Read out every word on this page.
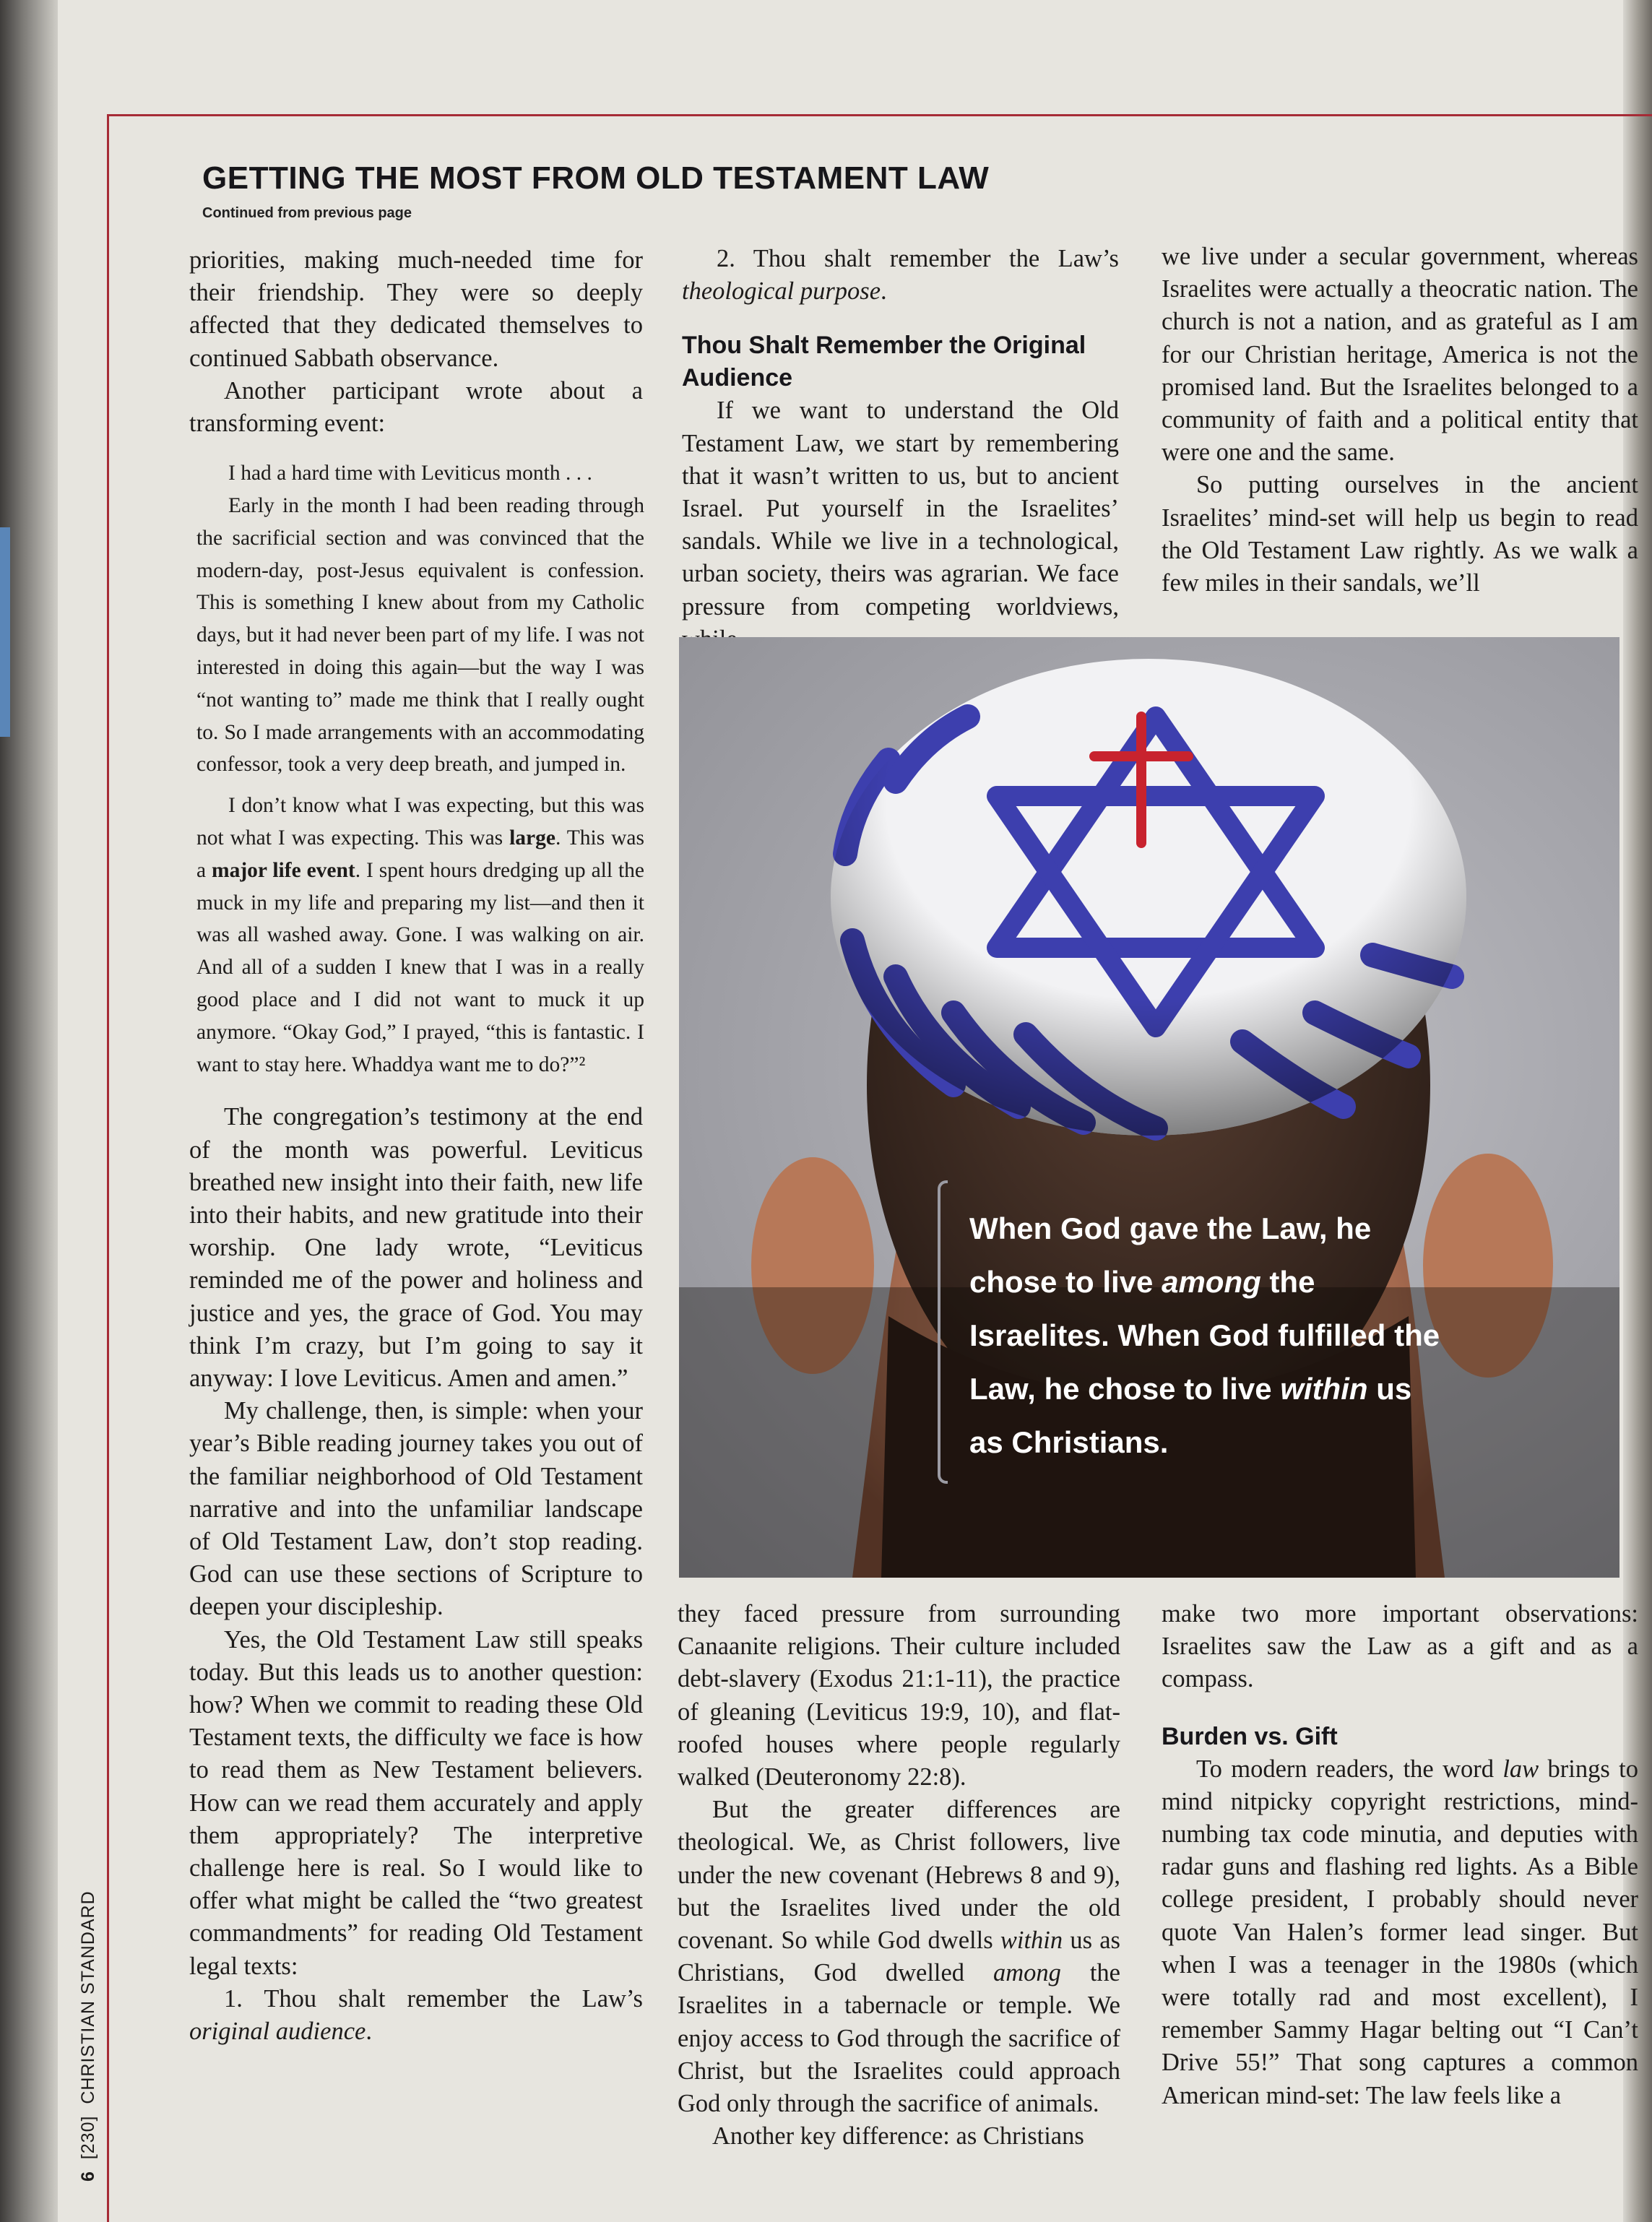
6  [230]  CHRISTIAN STANDARD
GETTING THE MOST FROM OLD TESTAMENT LAW
Continued from previous page

priorities, making much-needed time for their friendship. They were so deeply affected that they dedicated themselves to continued Sabbath observance.

Another participant wrote about a transforming event:

I had a hard time with Leviticus month . . .

Early in the month I had been reading through the sacrificial section and was convinced that the modern-day, post-Jesus equivalent is confession. This is something I knew about from my Catholic days, but it had never been part of my life. I was not interested in doing this again—but the way I was “not wanting to” made me think that I really ought to. So I made arrangements with an accommodating confessor, took a very deep breath, and jumped in.

I don’t know what I was expecting, but this was not what I was expecting. This was large. This was a major life event. I spent hours dredging up all the muck in my life and preparing my list—and then it was all washed away. Gone. I was walking on air. And all of a sudden I knew that I was in a really good place and I did not want to muck it up anymore. “Okay God,” I prayed, “this is fantastic. I want to stay here. Whaddya want me to do?”²

The congregation’s testimony at the end of the month was powerful. Leviticus breathed new insight into their faith, new life into their habits, and new gratitude into their worship. One lady wrote, “Leviticus reminded me of the power and holiness and justice and yes, the grace of God. You may think I’m crazy, but I’m going to say it anyway: I love Leviticus. Amen and amen.”

My challenge, then, is simple: when your year’s Bible reading journey takes you out of the familiar neighborhood of Old Testament narrative and into the unfamiliar landscape of Old Testament Law, don’t stop reading. God can use these sections of Scripture to deepen your discipleship.

Yes, the Old Testament Law still speaks today. But this leads us to another question: how? When we commit to reading these Old Testament texts, the difficulty we face is how to read them as New Testament believers. How can we read them accurately and apply them appropriately? The interpretive challenge here is real. So I would like to offer what might be called the “two greatest commandments” for reading Old Testament legal texts:

1. Thou shalt remember the Law’s original audience.

2. Thou shalt remember the Law’s theological purpose.

Thou Shalt Remember the Original Audience

If we want to understand the Old Testament Law, we start by remembering that it wasn’t written to us, but to ancient Israel. Put yourself in the Israelites’ sandals. While we live in a technological, urban society, theirs was agrarian. We face pressure from competing worldviews,

we live under a secular government, whereas Israelites were actually a theocratic nation. The church is not a nation, and as grateful as I am for our Christian heritage, America is not the promised land. But the Israelites belonged to a community of faith and a political entity that were one and the same.

So putting ourselves in the ancient Israelites’ mind-set will help us begin to read the Old Testament Law rightly. As we walk a few miles in their sandals, we’ll

When God gave the Law, he chose to live among the Israelites. When God fulfilled the Law, he chose to live within us as Christians.

they faced pressure from surrounding Canaanite religions. Their culture included debt-slavery (Exodus 21:1-11), the practice of gleaning (Leviticus 19:9, 10), and flat-roofed houses where people regularly walked (Deuteronomy 22:8).

But the greater differences are theological. We, as Christ followers, live under the new covenant (Hebrews 8 and 9), but the Israelites lived under the old covenant. So while God dwells within us as Christians, God dwelled among the Israelites in a tabernacle or temple. We enjoy access to God through the sacrifice of Christ, but the Israelites could approach God only through the sacrifice of animals.

Another key difference: as Christians

make two more important observations: Israelites saw the Law as a gift and as a compass.

Burden vs. Gift

To modern readers, the word law brings to mind nitpicky copyright restrictions, mind-numbing tax code minutia, and deputies with radar guns and flashing red lights. As a Bible college president, I probably should never quote Van Halen’s former lead singer. But when I was a teenager in the 1980s (which were totally rad and most excellent), I remember Sammy Hagar belting out “I Can’t Drive 55!” That song captures a common American mind-set: The law feels like a
